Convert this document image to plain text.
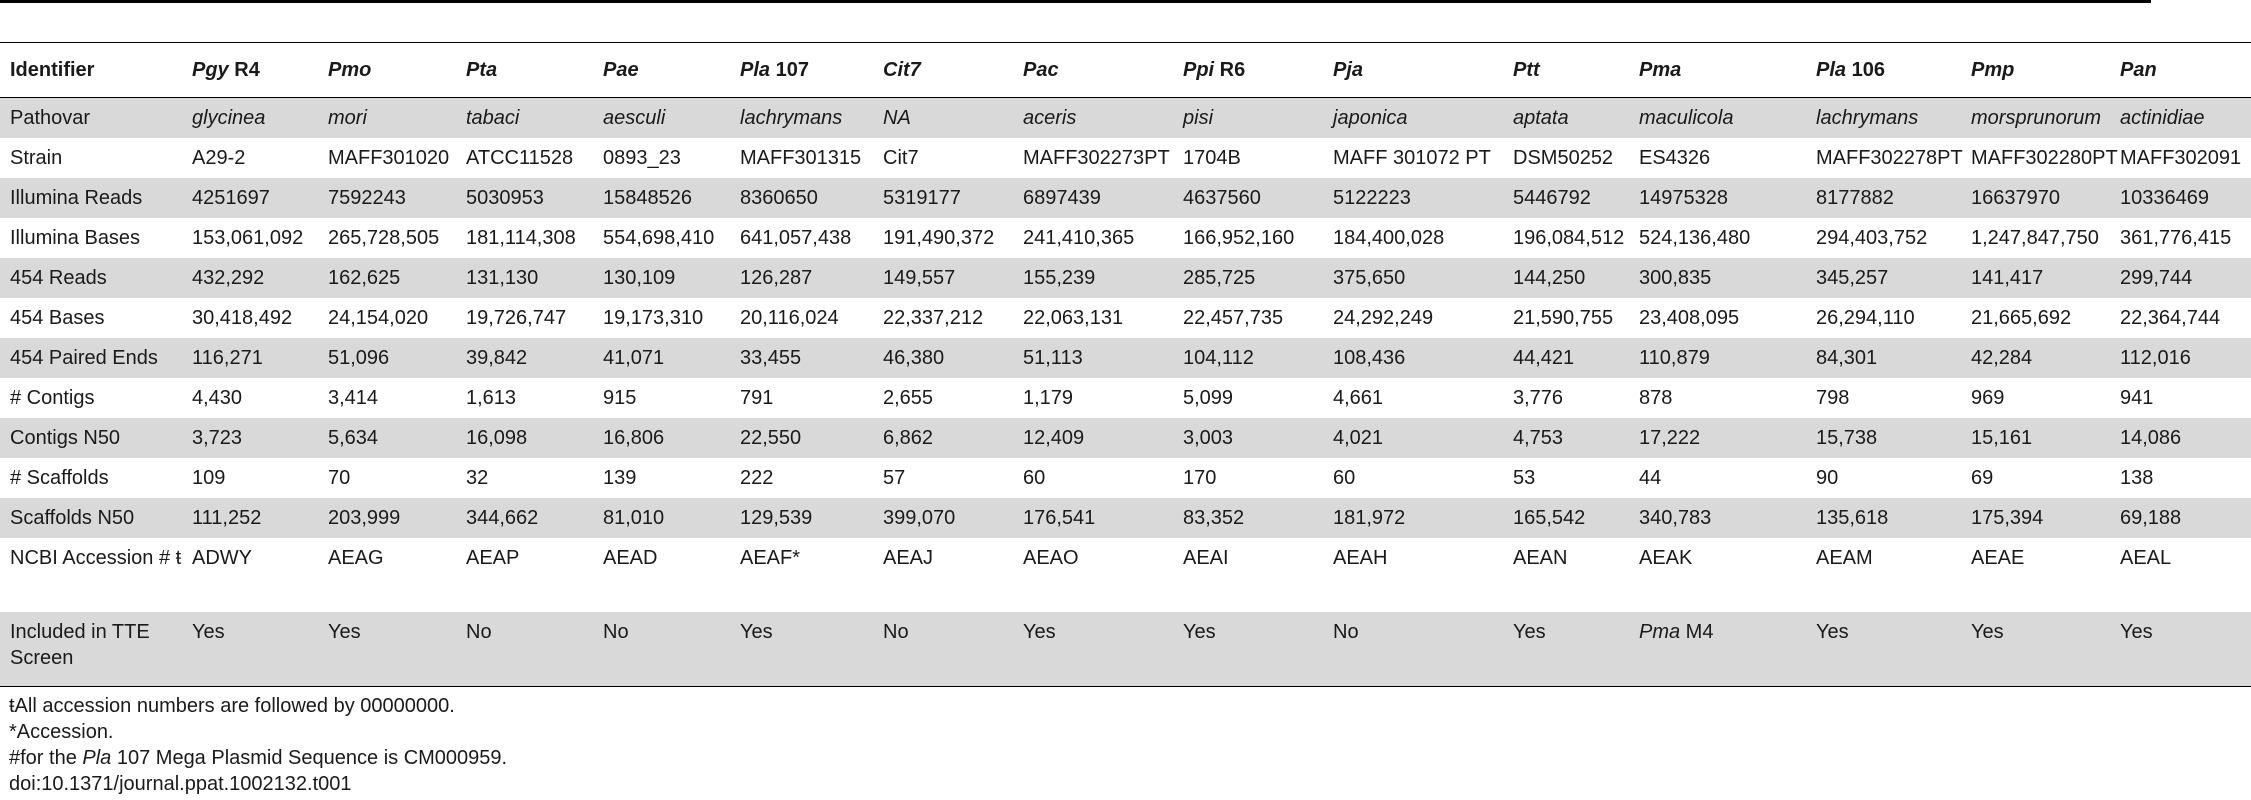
Identifier	Pgy R4	Pmo	Pta	Pae	Pla 107	Cit7	Pac	Ppi R6	Pja	Ptt	Pma	Pla 106	Pmp	Pan
Pathovar	glycinea	mori	tabaci	aesculi	lachrymans	NA	aceris	pisi	japonica	aptata	maculicola	lachrymans	morsprunorum	actinidiae
Strain	A29-2	MAFF301020	ATCC11528	0893_23	MAFF301315	Cit7	MAFF302273PT	1704B	MAFF 301072 PT	DSM50252	ES4326	MAFF302278PT	MAFF302280PT	MAFF302091
Illumina Reads	4251697	7592243	5030953	15848526	8360650	5319177	6897439	4637560	5122223	5446792	14975328	8177882	16637970	10336469
Illumina Bases	153,061,092	265,728,505	181,114,308	554,698,410	641,057,438	191,490,372	241,410,365	166,952,160	184,400,028	196,084,512	524,136,480	294,403,752	1,247,847,750	361,776,415
454 Reads	432,292	162,625	131,130	130,109	126,287	149,557	155,239	285,725	375,650	144,250	300,835	345,257	141,417	299,744
454 Bases	30,418,492	24,154,020	19,726,747	19,173,310	20,116,024	22,337,212	22,063,131	22,457,735	24,292,249	21,590,755	23,408,095	26,294,110	21,665,692	22,364,744
454 Paired Ends	116,271	51,096	39,842	41,071	33,455	46,380	51,113	104,112	108,436	44,421	110,879	84,301	42,284	112,016
# Contigs	4,430	3,414	1,613	915	791	2,655	1,179	5,099	4,661	3,776	878	798	969	941
Contigs N50	3,723	5,634	16,098	16,806	22,550	6,862	12,409	3,003	4,021	4,753	17,222	15,738	15,161	14,086
# Scaffolds	109	70	32	139	222	57	60	170	60	53	44	90	69	138
Scaffolds N50	111,252	203,999	344,662	81,010	129,539	399,070	176,541	83,352	181,972	165,542	340,783	135,618	175,394	69,188
NCBI Accession # ŧ	ADWY	AEAG	AEAP	AEAD	AEAF*	AEAJ	AEAO	AEAI	AEAH	AEAN	AEAK	AEAM	AEAE	AEAL
Included in TTE Screen	Yes	Yes	No	No	Yes	No	Yes	Yes	No	Yes	Pma M4	Yes	Yes	Yes
ŧAll accession numbers are followed by 00000000.
*Accession.
#for the Pla 107 Mega Plasmid Sequence is CM000959.
doi:10.1371/journal.ppat.1002132.t001
